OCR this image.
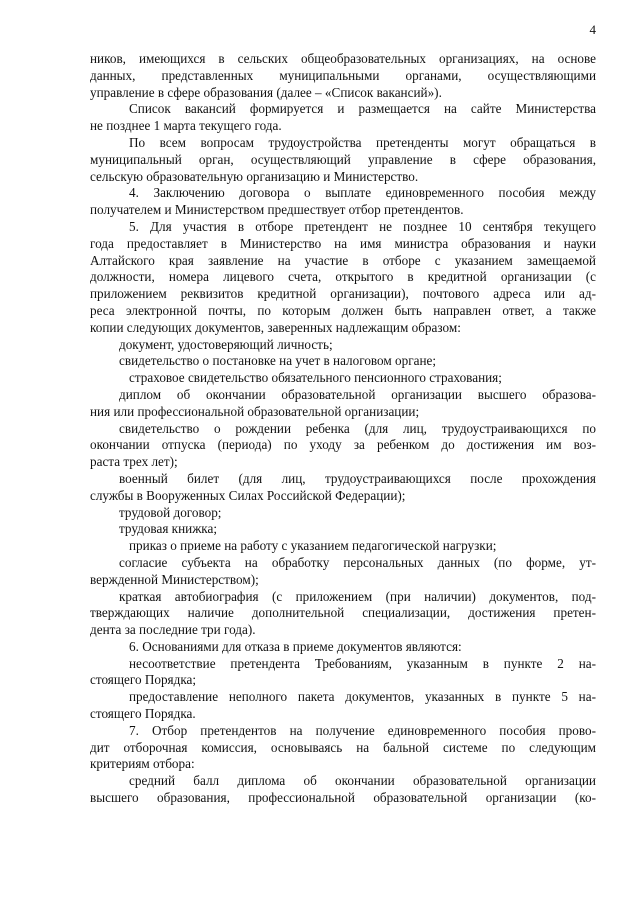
4
ников, имеющихся в сельских общеобразовательных организациях, на основе
данных, представленных муниципальными органами, осуществляющими
управление в сфере образования (далее – «Список вакансий»).
Список вакансий формируется и размещается на сайте Министерства
не позднее 1 марта текущего года.
По всем вопросам трудоустройства претенденты могут обращаться в
муниципальный орган, осуществляющий управление в сфере образования,
сельскую образовательную организацию и Министерство.
4. Заключению договора о выплате единовременного пособия между
получателем и Министерством предшествует отбор претендентов.
5. Для участия в отборе претендент не позднее 10 сентября текущего
года предоставляет в Министерство на имя министра образования и науки
Алтайского края заявление на участие в отборе с указанием замещаемой
должности, номера лицевого счета, открытого в кредитной организации (с
приложением реквизитов кредитной организации), почтового адреса или ад-
реса электронной почты, по которым должен быть направлен ответ, а также
копии следующих документов, заверенных надлежащим образом:
документ, удостоверяющий личность;
свидетельство о постановке на учет в налоговом органе;
страховое свидетельство обязательного пенсионного страхования;
диплом об окончании образовательной организации высшего образова-
ния или профессиональной образовательной организации;
свидетельство о рождении ребенка (для лиц, трудоустраивающихся по
окончании отпуска (периода) по уходу за ребенком до достижения им воз-
раста трех лет);
военный билет (для лиц, трудоустраивающихся после прохождения
службы в Вооруженных Силах Российской Федерации);
трудовой договор;
трудовая книжка;
приказ о приеме на работу с указанием педагогической нагрузки;
согласие субъекта на обработку персональных данных (по форме, ут-
вержденной Министерством);
краткая автобиография (с приложением (при наличии) документов, под-
тверждающих наличие дополнительной специализации, достижения претен-
дента за последние три года).
6. Основаниями для отказа в приеме документов являются:
несоответствие претендента Требованиям, указанным в пункте 2 на-
стоящего Порядка;
предоставление неполного пакета документов, указанных в пункте 5 на-
стоящего Порядка.
7. Отбор претендентов на получение единовременного пособия прово-
дит отборочная комиссия, основываясь на бальной системе по следующим
критериям отбора:
средний балл диплома об окончании образовательной организации
высшего образования, профессиональной образовательной организации (ко-
